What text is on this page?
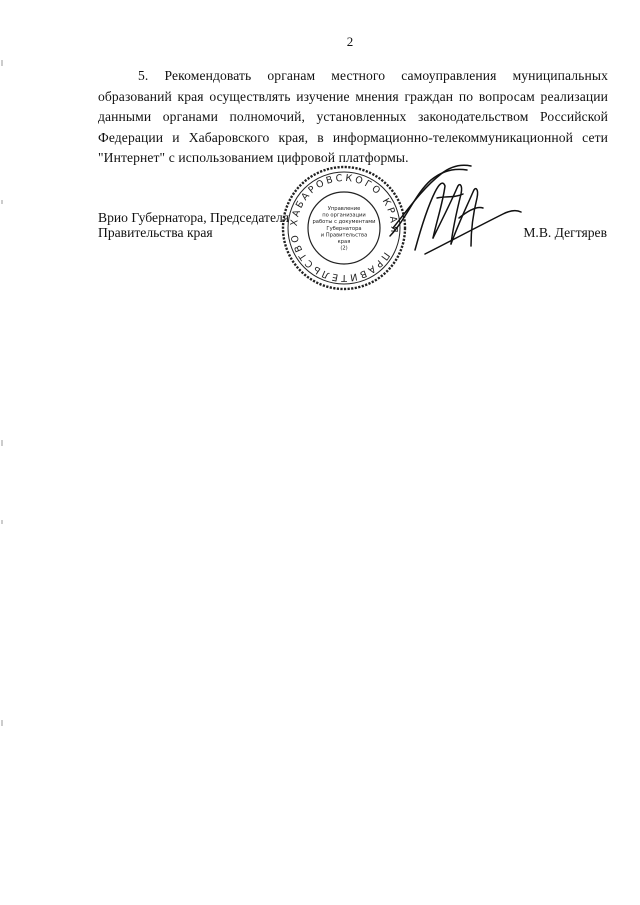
2

5. Рекомендовать органам местного самоуправления муниципальных образований края осуществлять изучение мнения граждан по вопросам реализации данными органами полномочий, установленных законодательством Российской Федерации и Хабаровского края, в информационно-телекоммуникационной сети "Интернет" с использованием цифровой платформы.

Врио Губернатора, Председателя
Правительства края	М.В. Дегтярев
ПРАВИТЕЛЬСТВО ХАБАРОВСКОГО КРАЯ
Управление
по организации
работы с документами
Губернатора
и Правительства
края
(2)
